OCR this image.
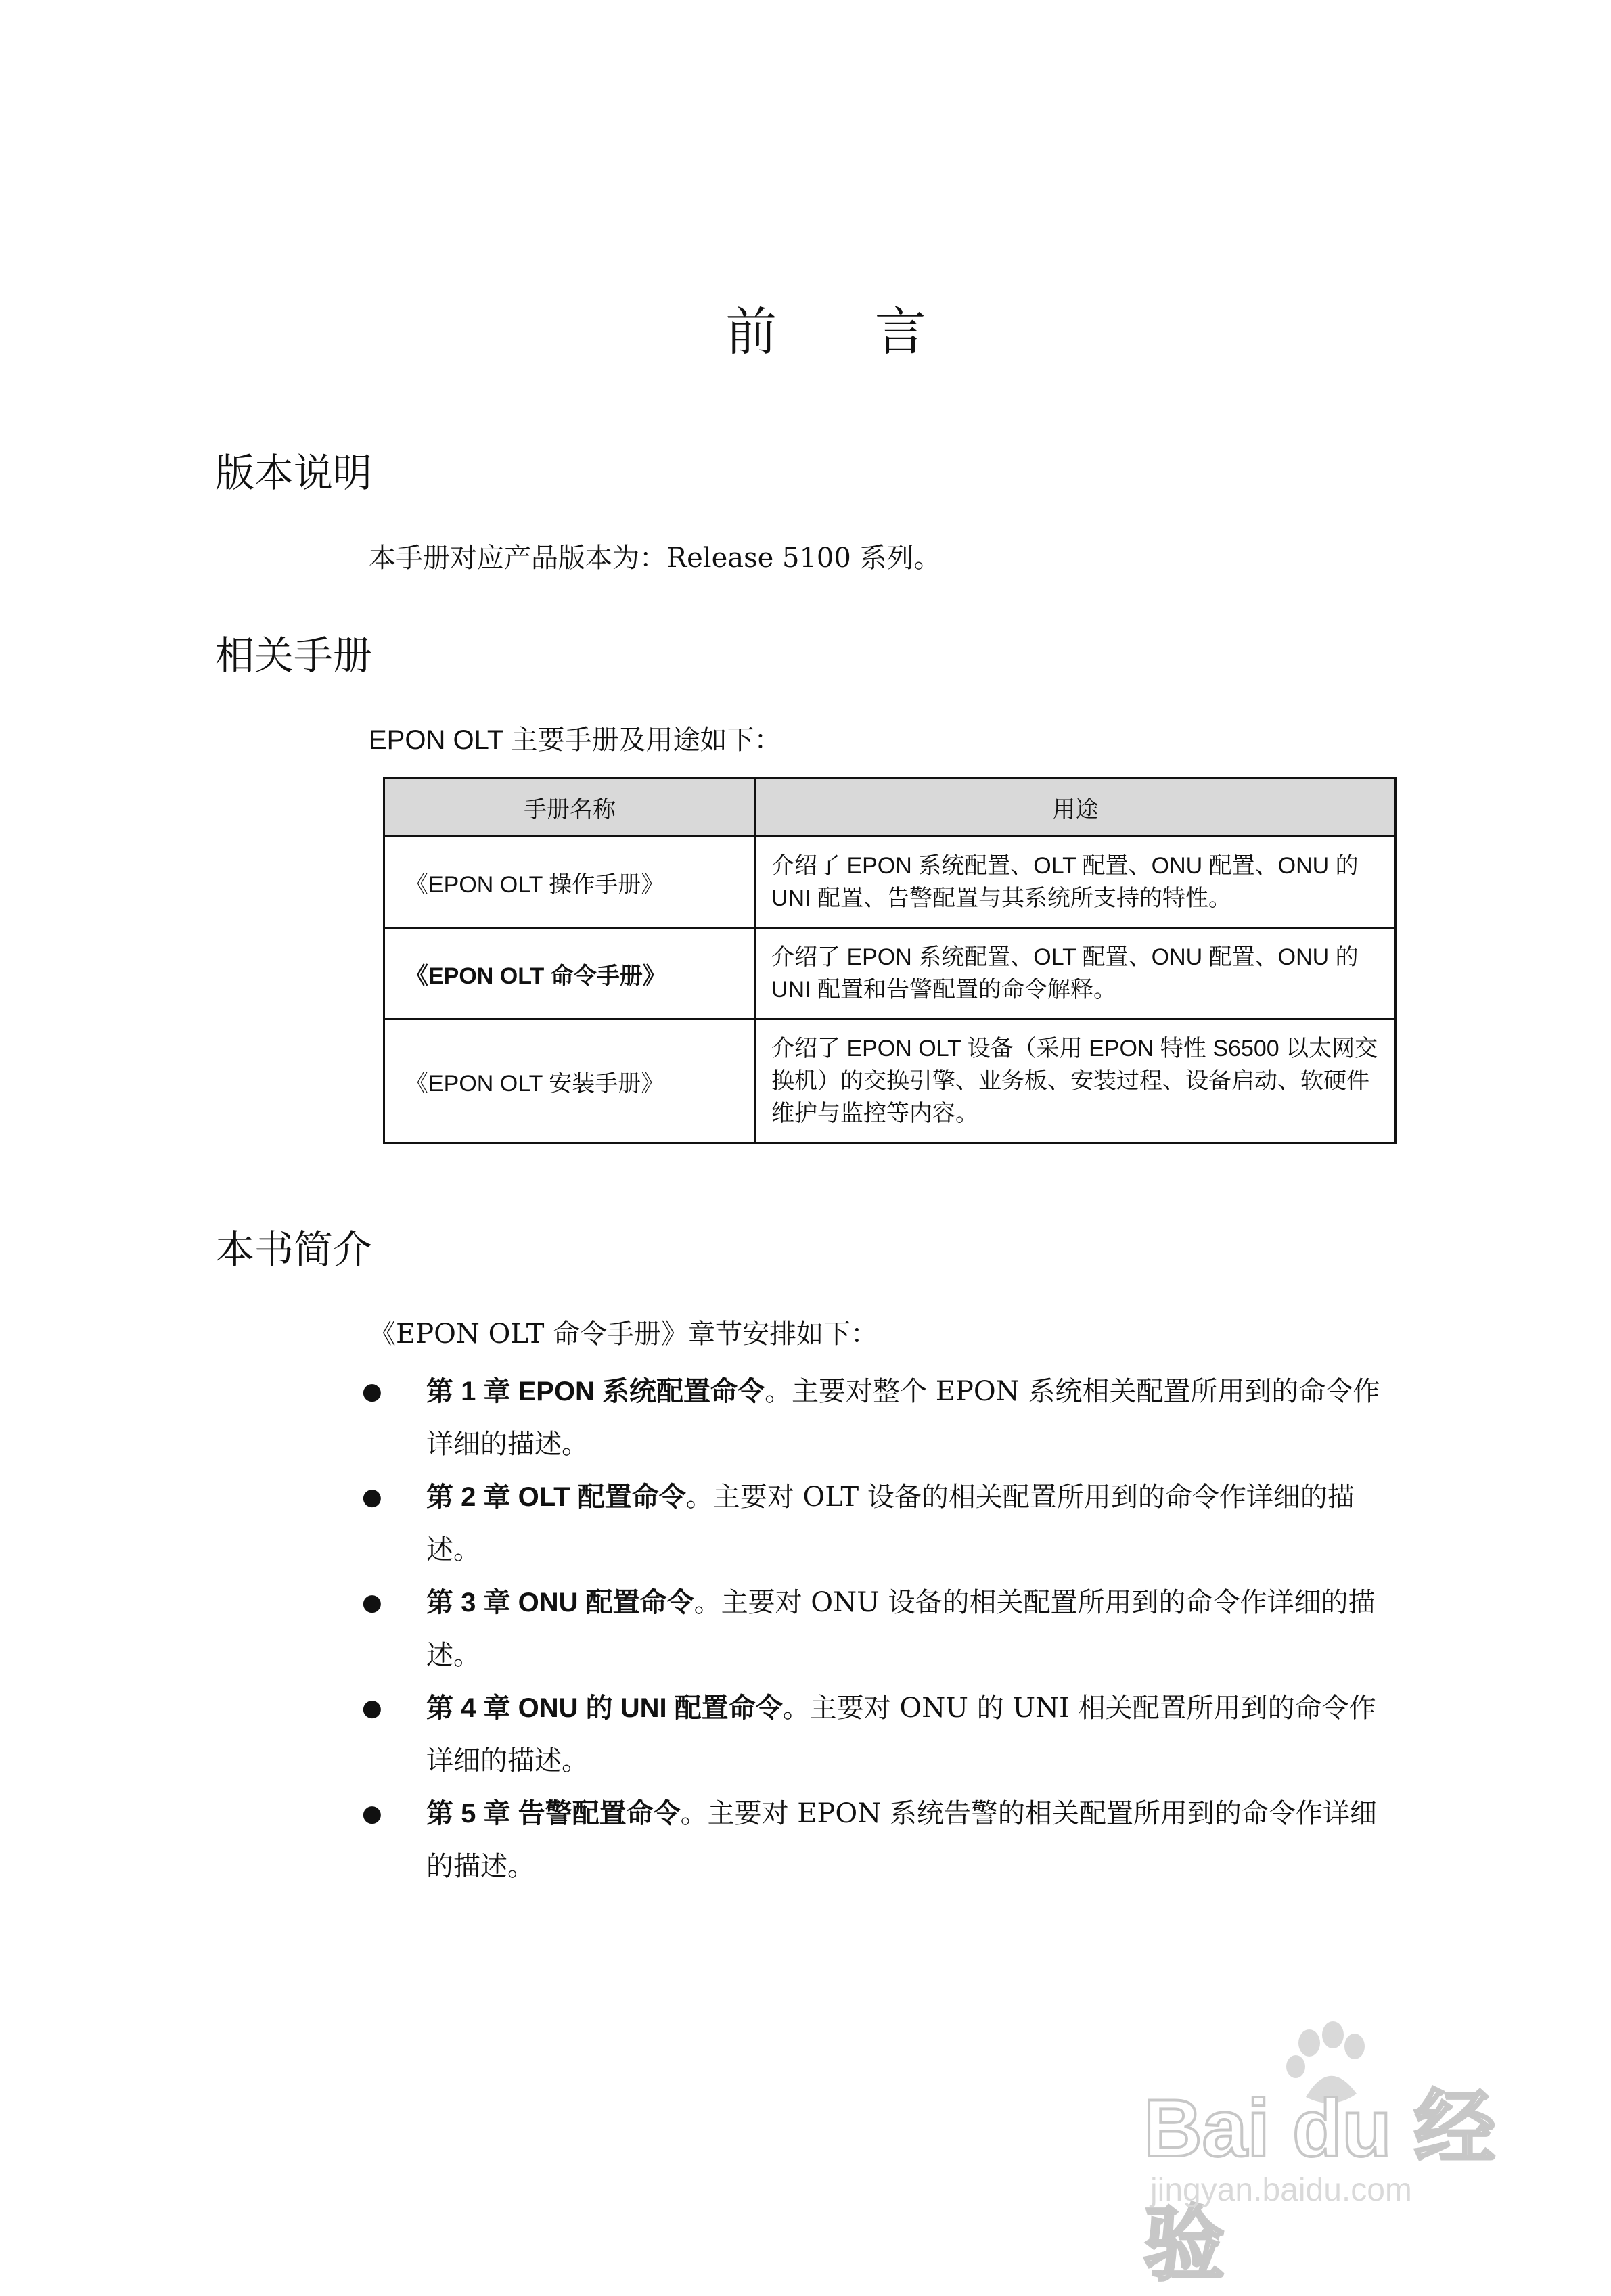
前 言
版本说明
本手册对应产品版本为：Release 5100 系列。
相关手册
EPON OLT 主要手册及用途如下：
手册名称	用途
《EPON OLT 操作手册》	介绍了 EPON 系统配置、OLT 配置、ONU 配置、ONU 的 UNI 配置、告警配置与其系统所支持的特性。
《EPON OLT 命令手册》	介绍了 EPON 系统配置、OLT 配置、ONU 配置、ONU 的 UNI 配置和告警配置的命令解释。
《EPON OLT 安装手册》	介绍了 EPON OLT 设备（采用 EPON 特性 S6500 以太网交换机）的交换引擎、业务板、安装过程、设备启动、软硬件维护与监控等内容。
本书简介
《EPON OLT 命令手册》章节安排如下：
● 第 1 章 EPON 系统配置命令。主要对整个 EPON 系统相关配置所用到的命令作详细的描述。
● 第 2 章 OLT 配置命令。主要对 OLT 设备的相关配置所用到的命令作详细的描述。
● 第 3 章 ONU 配置命令。主要对 ONU 设备的相关配置所用到的命令作详细的描述。
● 第 4 章 ONU 的 UNI 配置命令。主要对 ONU 的 UNI 相关配置所用到的命令作详细的描述。
● 第 5 章 告警配置命令。主要对 EPON 系统告警的相关配置所用到的命令作详细的描述。
Bai du 经验
jingyan.baidu.com
